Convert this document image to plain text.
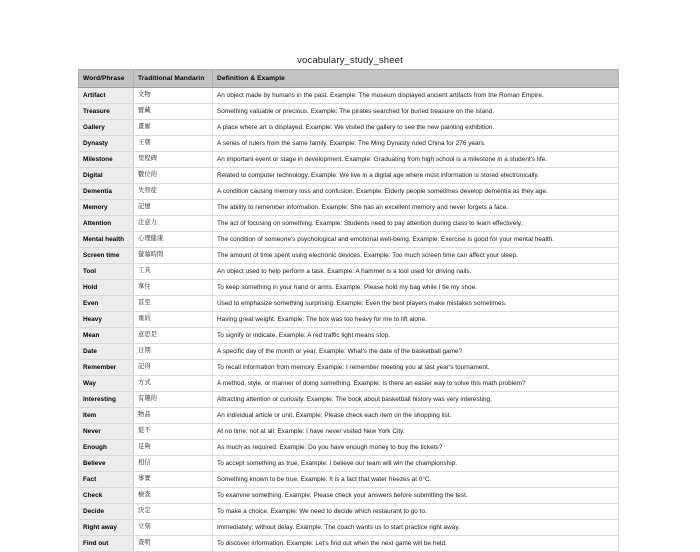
vocabulary_study_sheet
Word/Phrase	Traditional Mandarin	Definition & Example
Artifact	文物	An object made by humans in the past. Example: The museum displayed ancient artifacts from the Roman Empire.
Treasure	寶藏	Something valuable or precious. Example: The pirates searched for buried treasure on the island.
Gallery	畫廊	A place where art is displayed. Example: We visited the gallery to see the new painting exhibition.
Dynasty	王朝	A series of rulers from the same family. Example: The Ming Dynasty ruled China for 276 years.
Milestone	里程碑	An important event or stage in development. Example: Graduating from high school is a milestone in a student's life.
Digital	數位的	Related to computer technology. Example: We live in a digital age where most information is stored electronically.
Dementia	失智症	A condition causing memory loss and confusion. Example: Elderly people sometimes develop dementia as they age.
Memory	記憶	The ability to remember information. Example: She has an excellent memory and never forgets a face.
Attention	注意力	The act of focusing on something. Example: Students need to pay attention during class to learn effectively.
Mental health	心理健康	The condition of someone's psychological and emotional well-being. Example: Exercise is good for your mental health.
Screen time	螢幕時間	The amount of time spent using electronic devices. Example: Too much screen time can affect your sleep.
Tool	工具	An object used to help perform a task. Example: A hammer is a tool used for driving nails.
Hold	拿住	To keep something in your hand or arms. Example: Please hold my bag while I tie my shoe.
Even	甚至	Used to emphasize something surprising. Example: Even the best players make mistakes sometimes.
Heavy	重的	Having great weight. Example: The box was too heavy for me to lift alone.
Mean	意思是	To signify or indicate. Example: A red traffic light means stop.
Date	日期	A specific day of the month or year. Example: What's the date of the basketball game?
Remember	記得	To recall information from memory. Example: I remember meeting you at last year's tournament.
Way	方式	A method, style, or manner of doing something. Example: Is there an easier way to solve this math problem?
Interesting	有趣的	Attracting attention or curiosity. Example: The book about basketball history was very interesting.
Item	物品	An individual article or unit. Example: Please check each item on the shopping list.
Never	從不	At no time; not at all. Example: I have never visited New York City.
Enough	足夠	As much as required. Example: Do you have enough money to buy the tickets?
Believe	相信	To accept something as true. Example: I believe our team will win the championship.
Fact	事實	Something known to be true. Example: It is a fact that water freezes at 0°C.
Check	檢查	To examine something. Example: Please check your answers before submitting the test.
Decide	決定	To make a choice. Example: We need to decide which restaurant to go to.
Right away	立刻	Immediately; without delay. Example: The coach wants us to start practice right away.
Find out	查明	To discover information. Example: Let's find out when the next game will be held.
